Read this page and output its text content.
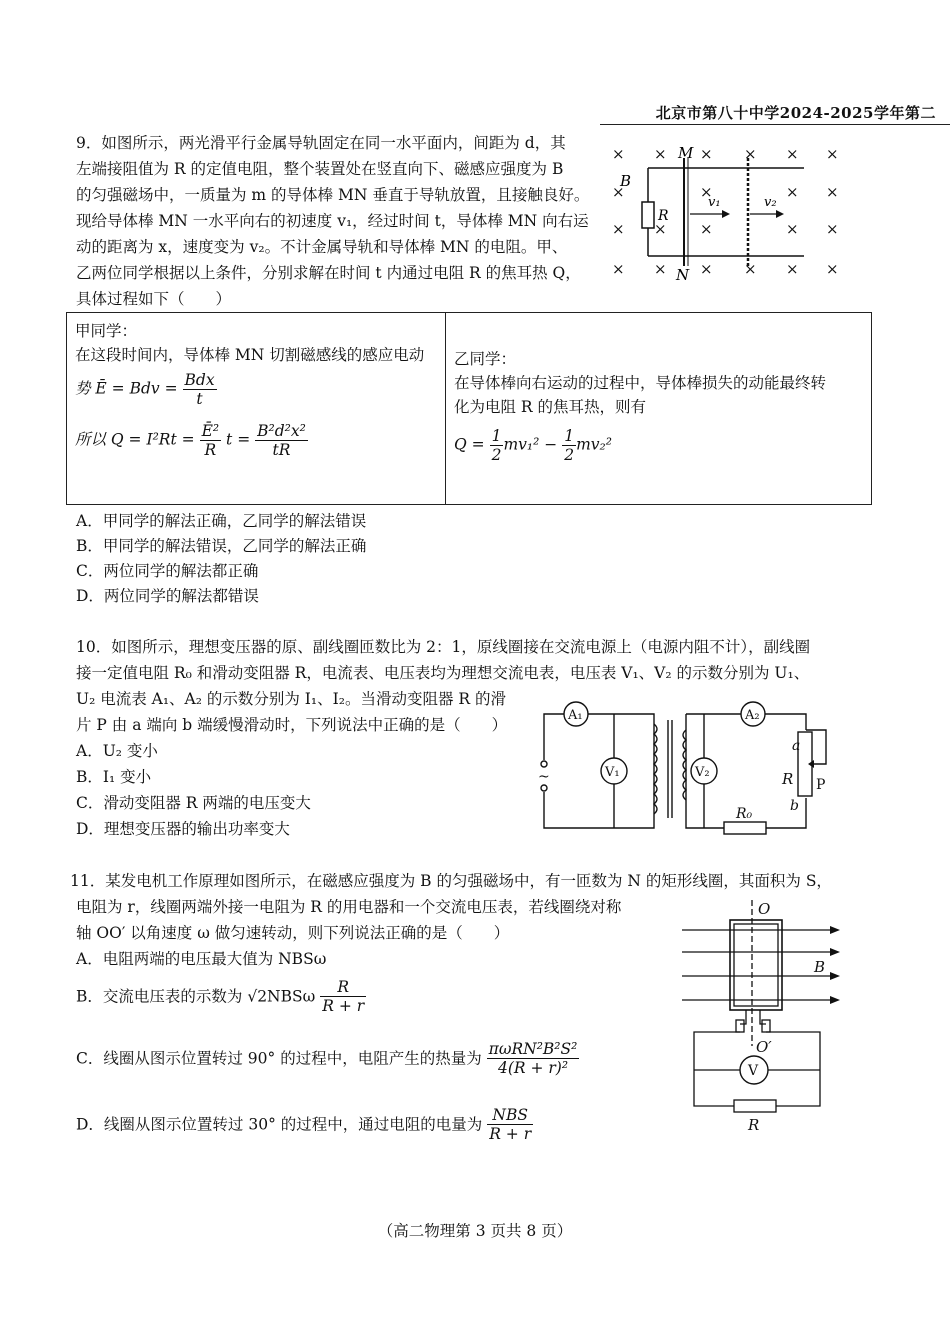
北京市第八十中学2024-2025学年第二
9．如图所示，两光滑平行金属导轨固定在同一水平面内，间距为 d，其
左端接阻值为 R 的定值电阻，整个装置处在竖直向下、磁感应强度为 B
的匀强磁场中，一质量为 m 的导体棒 MN 垂直于导轨放置，且接触良好。
现给导体棒 MN 一水平向右的初速度 v₁，经过时间 t，导体棒 MN 向右运
动的距离为 x，速度变为 v₂。不计金属导轨和导体棒 MN 的电阻。甲、
乙两位同学根据以上条件，分别求解在时间 t 内通过电阻 R 的焦耳热 Q，
具体过程如下（　　）
× × × × × ×
×	×	× ×
× × ×	× ×
× × × × × ×
R
B
M
N
v₁	v₂
甲同学：
在这段时间内，导体棒 MN 切割磁感线的感应电动
势 Ē = Bdv = $\frac{\text{Bdx}}{t}$
所以 $Q = I^2Rt = \frac{\text{Ē²}}{R}$ $t = \frac{\text{B²d²x²}}{tR}$

乙同学：
在导体棒向右运动的过程中，导体棒损失的动能最终转
化为电阻 R 的焦耳热，则有
$Q = \frac{1}{2} mv_1^2 - \frac{1}{2} mv_2^2$
A．甲同学的解法正确，乙同学的解法错误
B．甲同学的解法错误，乙同学的解法正确
C．两位同学的解法都正确
D．两位同学的解法都错误
10．如图所示，理想变压器的原、副线圈匝数比为 2：1，原线圈接在交流电源上（电源内阻不计），副线圈
接一定值电阻 R₀ 和滑动变阻器 R，电流表、电压表均为理想交流电表，电压表 V₁、V₂ 的示数分别为 U₁、
U₂ 电流表 A₁、A₂ 的示数分别为 I₁、I₂。当滑动变阻器 R 的滑
片 P 由 a 端向 b 端缓慢滑动时，下列说法中正确的是（　　）
A．U₂ 变小
B．I₁ 变小
C．滑动变阻器 R 两端的电压变大
D．理想变压器的输出功率变大
A₁
V₁	V₂
A₂
~
a
R P
b
R₀
11．某发电机工作原理如图所示，在磁感应强度为 B 的匀强磁场中，有一匝数为 N 的矩形线圈，其面积为 S，
电阻为 r，线圈两端外接一电阻为 R 的用电器和一个交流电压表，若线圈绕对称
轴 OO′ 以角速度 ω 做匀速转动，则下列说法正确的是（　　）
A．电阻两端的电压最大值为 NBSω
B．交流电压表的示数为 $√2NBS\omega \frac{R}{R + r}$
C．线圈从图示位置转过 90° 的过程中，电阻产生的热量为 $\frac{\text{πωRN²B²S²}}{\text{4(R + r)²}}$
D．线圈从图示位置转过 30° 的过程中，通过电阻的电量为 $\frac{\text{NBS}}{R + r}$
O
B
O′
V
R
（高二物理第 3 页共 8 页）
